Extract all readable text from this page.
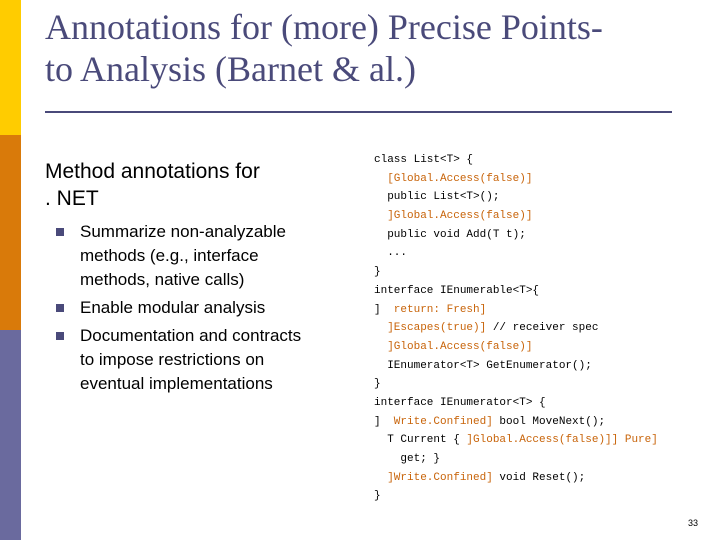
Annotations for (more) Precise Points-
to Analysis (Barnet & al.)
Method annotations for
. NET
Summarize non-analyzable
methods (e.g., interface
methods, native calls)
Enable modular analysis
Documentation and contracts
to impose restrictions on
eventual implementations
class List<T> {
[Global.Access(false)]
public List<T>();
]Global.Access(false)]
public void Add(T t);
...
}
interface IEnumerable<T>{
]  return: Fresh]
]Escapes(true)] // receiver spec
]Global.Access(false)]
IEnumerator<T> GetEnumerator();
}
interface IEnumerator<T> {
]  Write.Confined] bool MoveNext();
T Current { ]Global.Access(false)]] Pure]
get; }
]Write.Confined] void Reset();
}
33
